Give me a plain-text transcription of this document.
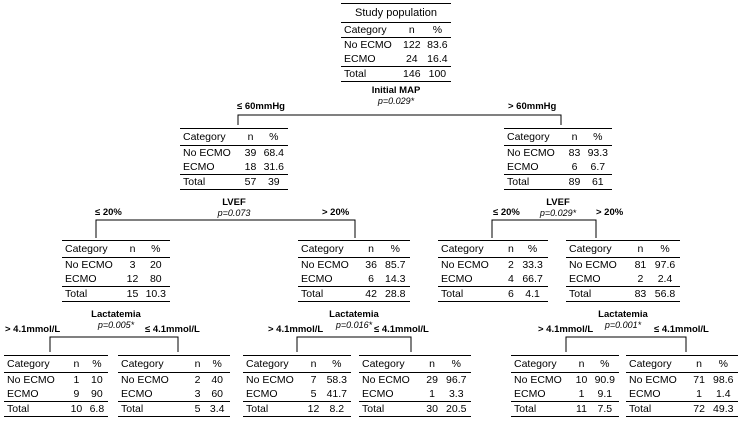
Study population
Category	n	%
No ECMO	122	83.6
ECMO	24	16.4
Total	146	100
Initial MAP
p=0.029*
≤ 60mmHg	> 60mmHg
Category	n	%
No ECMO	39	68.4
ECMO	18	31.6
Total	57	39
Category	n	%
No ECMO	83	93.3
ECMO	6	6.7
Total	89	61
LVEF
p=0.073
≤ 20%	> 20%
LVEF
p=0.029*
≤ 20%	> 20%
Category	n	%
No ECMO	3	20
ECMO	12	80
Total	15	10.3
Category	n	%
No ECMO	36	85.7
ECMO	6	14.3
Total	42	28.8
Category	n	%
No ECMO	2	33.3
ECMO	4	66.7
Total	6	4.1
Category	n	%
No ECMO	81	97.6
ECMO	2	2.4
Total	83	56.8
Lactatemia
p=0.005*
> 4.1mmol/L	≤ 4.1mmol/L
Lactatemia
p=0.016*
> 4.1mmol/L	≤ 4.1mmol/L
Lactatemia
p=0.001*
> 4.1mmol/L	≤ 4.1mmol/L
Category	n	%
No ECMO	1	10
ECMO	9	90
Total	10	6.8
Category	n	%
No ECMO	2	40
ECMO	3	60
Total	5	3.4
Category	n	%
No ECMO	7	58.3
ECMO	5	41.7
Total	12	8.2
Category	n	%
No ECMO	29	96.7
ECMO	1	3.3
Total	30	20.5
Category	n	%
No ECMO	10	90.9
ECMO	1	9.1
Total	11	7.5
Category	n	%
No ECMO	71	98.6
ECMO	1	1.4
Total	72	49.3
